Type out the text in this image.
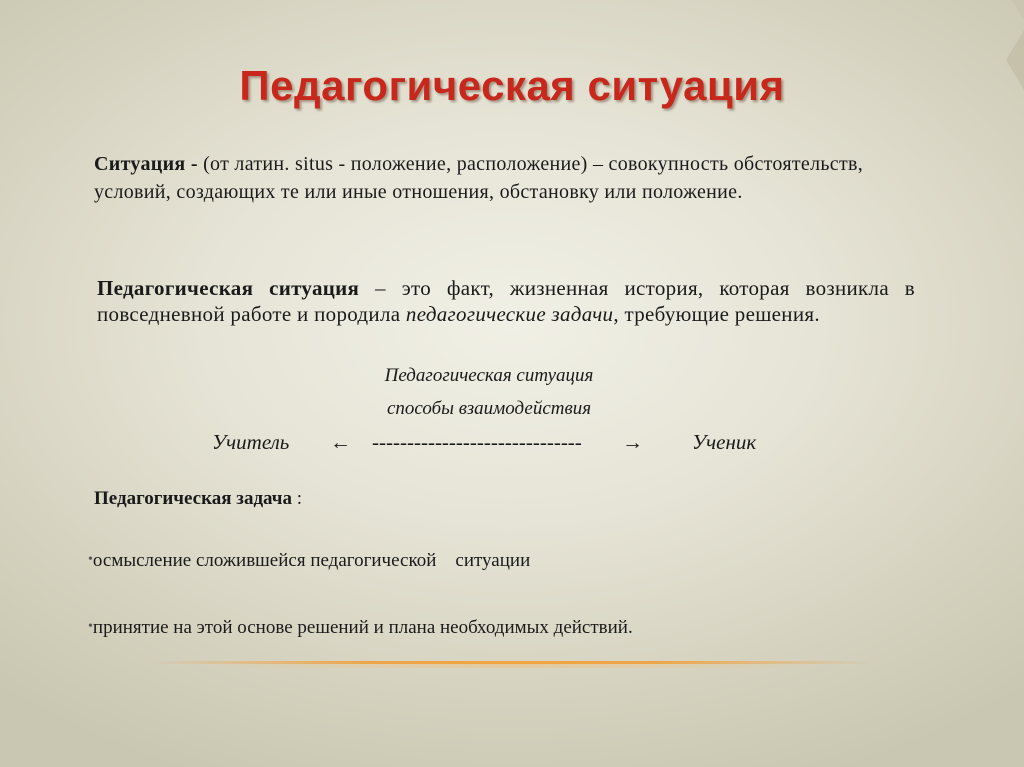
Педагогическая ситуация
Ситуация - (от латин. situs - положение, расположение) – совокупность обстоятельств, условий, создающих те или иные отношения, обстановку или положение.
Педагогическая ситуация – это факт, жизненная история, которая возникла в повседневной работе и породила педагогические задачи, требующие решения.
Педагогическая ситуация
способы взаимодействия
Учитель ← ------------------------------ → Ученик
Педагогическая задача :
•осмысление сложившейся педагогической    ситуации
•принятие на этой основе решений и плана необходимых действий.
